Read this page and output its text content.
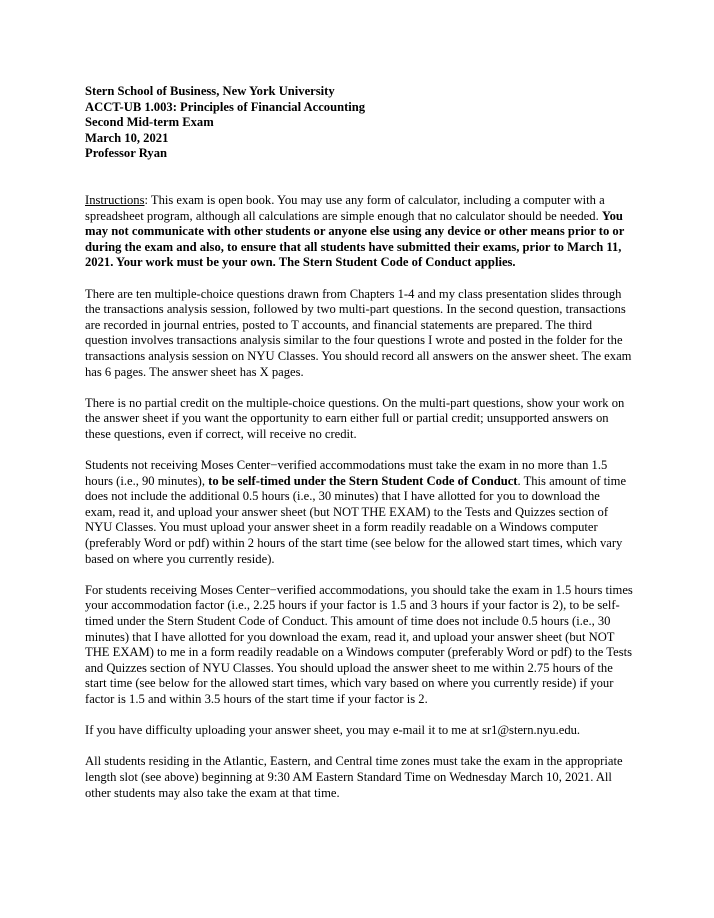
Stern School of Business, New York University
ACCT-UB 1.003: Principles of Financial Accounting
Second Mid-term Exam
March 10, 2021
Professor Ryan

Instructions: This exam is open book. You may use any form of calculator, including a computer with a spreadsheet program, although all calculations are simple enough that no calculator should be needed. You may not communicate with other students or anyone else using any device or other means prior to or during the exam and also, to ensure that all students have submitted their exams, prior to March 11, 2021. Your work must be your own. The Stern Student Code of Conduct applies.

There are ten multiple-choice questions drawn from Chapters 1-4 and my class presentation slides through the transactions analysis session, followed by two multi-part questions. In the second question, transactions are recorded in journal entries, posted to T accounts, and financial statements are prepared. The third question involves transactions analysis similar to the four questions I wrote and posted in the folder for the transactions analysis session on NYU Classes. You should record all answers on the answer sheet. The exam has 6 pages. The answer sheet has X pages.

There is no partial credit on the multiple-choice questions. On the multi-part questions, show your work on the answer sheet if you want the opportunity to earn either full or partial credit; unsupported answers on these questions, even if correct, will receive no credit.

Students not receiving Moses Center−verified accommodations must take the exam in no more than 1.5 hours (i.e., 90 minutes), to be self-timed under the Stern Student Code of Conduct. This amount of time does not include the additional 0.5 hours (i.e., 30 minutes) that I have allotted for you to download the exam, read it, and upload your answer sheet (but NOT THE EXAM) to the Tests and Quizzes section of NYU Classes. You must upload your answer sheet in a form readily readable on a Windows computer (preferably Word or pdf) within 2 hours of the start time (see below for the allowed start times, which vary based on where you currently reside).

For students receiving Moses Center−verified accommodations, you should take the exam in 1.5 hours times your accommodation factor (i.e., 2.25 hours if your factor is 1.5 and 3 hours if your factor is 2), to be self-timed under the Stern Student Code of Conduct. This amount of time does not include 0.5 hours (i.e., 30 minutes) that I have allotted for you download the exam, read it, and upload your answer sheet (but NOT THE EXAM) to me in a form readily readable on a Windows computer (preferably Word or pdf) to the Tests and Quizzes section of NYU Classes. You should upload the answer sheet to me within 2.75 hours of the start time (see below for the allowed start times, which vary based on where you currently reside) if your factor is 1.5 and within 3.5 hours of the start time if your factor is 2.

If you have difficulty uploading your answer sheet, you may e-mail it to me at sr1@stern.nyu.edu.

All students residing in the Atlantic, Eastern, and Central time zones must take the exam in the appropriate length slot (see above) beginning at 9:30 AM Eastern Standard Time on Wednesday March 10, 2021. All other students may also take the exam at that time.
